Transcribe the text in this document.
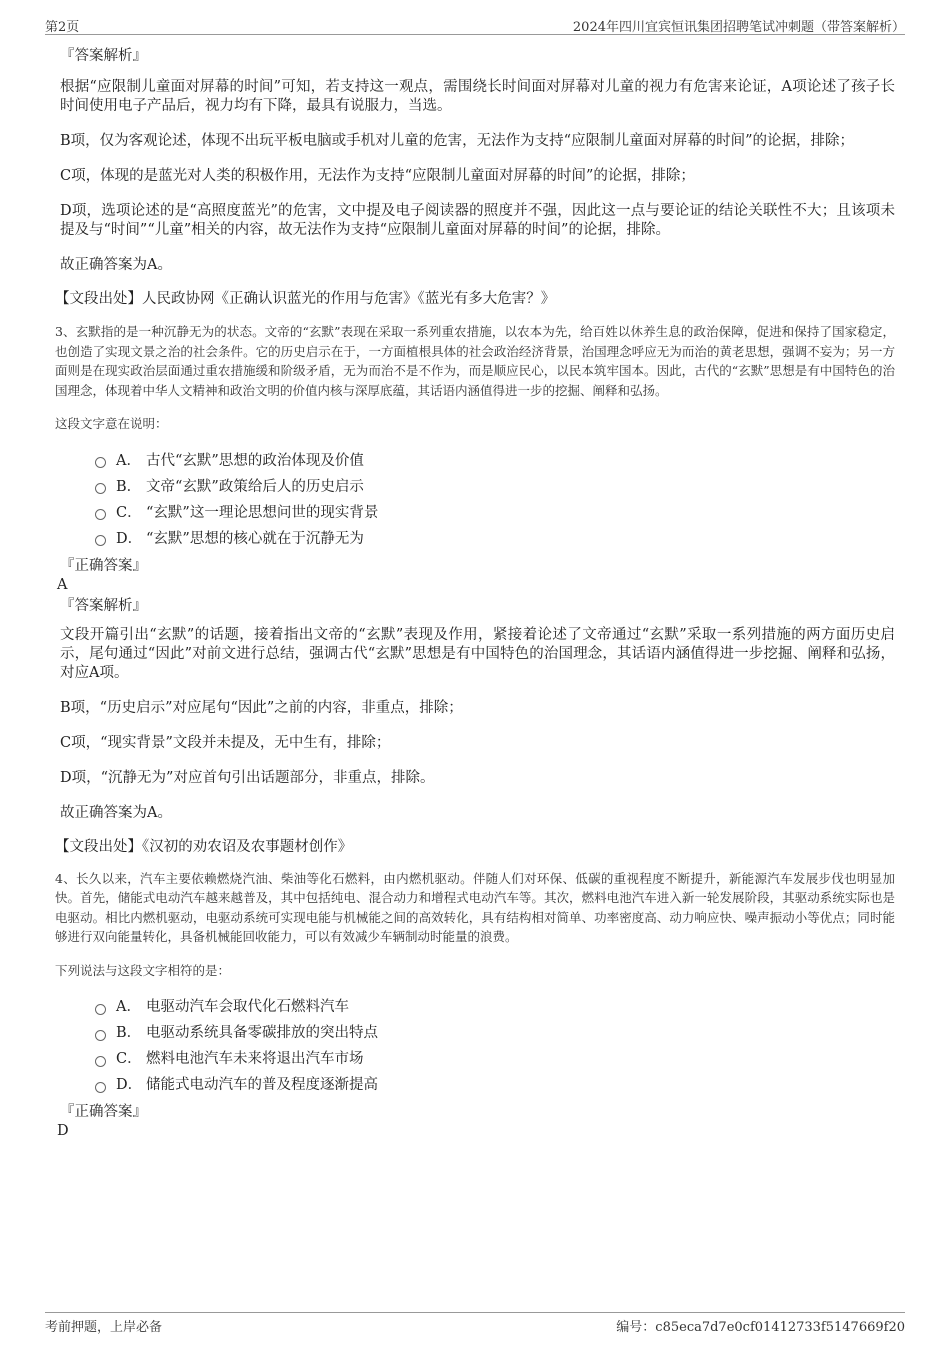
第2页	2024年四川宜宾恒讯集团招聘笔试冲刺题（带答案解析）

『答案解析』

根据“应限制儿童面对屏幕的时间”可知，若支持这一观点，需围绕长时间面对屏幕对儿童的视力有危害来论证，A项论述了孩子长时间使用电子产品后，视力均有下降，最具有说服力，当选。

B项，仅为客观论述，体现不出玩平板电脑或手机对儿童的危害，无法作为支持“应限制儿童面对屏幕的时间”的论据，排除；

C项，体现的是蓝光对人类的积极作用，无法作为支持“应限制儿童面对屏幕的时间”的论据，排除；

D项，选项论述的是“高照度蓝光”的危害，文中提及电子阅读器的照度并不强，因此这一点与要论证的结论关联性不大；且该项未提及与“时间”“儿童”相关的内容，故无法作为支持“应限制儿童面对屏幕的时间”的论据，排除。

故正确答案为A。

【文段出处】人民政协网《正确认识蓝光的作用与危害》《蓝光有多大危害？》

3、玄默指的是一种沉静无为的状态。文帝的“玄默”表现在采取一系列重农措施，以农本为先，给百姓以休养生息的政治保障，促进和保持了国家稳定，也创造了实现文景之治的社会条件。它的历史启示在于，一方面植根具体的社会政治经济背景，治国理念呼应无为而治的黄老思想，强调不妄为；另一方面则是在现实政治层面通过重农措施缓和阶级矛盾，无为而治不是不作为，而是顺应民心，以民本筑牢国本。因此，古代的“玄默”思想是有中国特色的治国理念，体现着中华人文精神和政治文明的价值内核与深厚底蕴，其话语内涵值得进一步的挖掘、阐释和弘扬。

这段文字意在说明：

A． 古代“玄默”思想的政治体现及价值
B． 文帝“玄默”政策给后人的历史启示
C． “玄默”这一理论思想问世的现实背景
D． “玄默”思想的核心就在于沉静无为

『正确答案』

A

『答案解析』

文段开篇引出“玄默”的话题，接着指出文帝的“玄默”表现及作用，紧接着论述了文帝通过“玄默”采取一系列措施的两方面历史启示，尾句通过“因此”对前文进行总结，强调古代“玄默”思想是有中国特色的治国理念，其话语内涵值得进一步挖掘、阐释和弘扬，对应A项。

B项，“历史启示”对应尾句“因此”之前的内容，非重点，排除；

C项，“现实背景”文段并未提及，无中生有，排除；

D项，“沉静无为”对应首句引出话题部分，非重点，排除。

故正确答案为A。

【文段出处】《汉初的劝农诏及农事题材创作》

4、长久以来，汽车主要依赖燃烧汽油、柴油等化石燃料，由内燃机驱动。伴随人们对环保、低碳的重视程度不断提升，新能源汽车发展步伐也明显加快。首先，储能式电动汽车越来越普及，其中包括纯电、混合动力和增程式电动汽车等。其次，燃料电池汽车进入新一轮发展阶段，其驱动系统实际也是电驱动。相比内燃机驱动，电驱动系统可实现电能与机械能之间的高效转化，具有结构相对简单、功率密度高、动力响应快、噪声振动小等优点；同时能够进行双向能量转化，具备机械能回收能力，可以有效减少车辆制动时能量的浪费。

下列说法与这段文字相符的是：

A． 电驱动汽车会取代化石燃料汽车
B． 电驱动系统具备零碳排放的突出特点
C． 燃料电池汽车未来将退出汽车市场
D． 储能式电动汽车的普及程度逐渐提高

『正确答案』

D

考前押题，上岸必备	编号：c85eca7d7e0cf01412733f5147669f20
